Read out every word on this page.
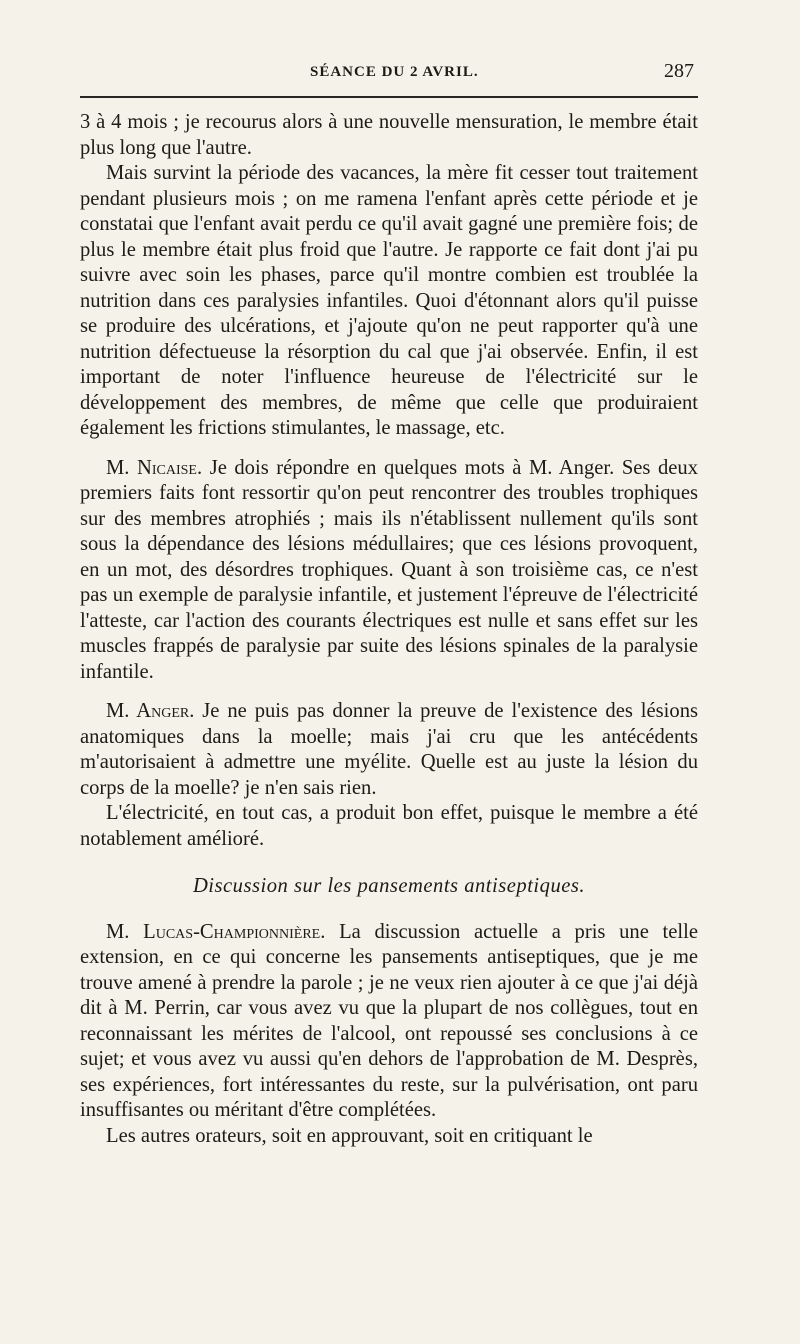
SÉANCE DU 2 AVRIL.	287

3 à 4 mois ; je recourus alors à une nouvelle mensuration, le membre était plus long que l'autre.

Mais survint la période des vacances, la mère fit cesser tout traitement pendant plusieurs mois ; on me ramena l'enfant après cette période et je constatai que l'enfant avait perdu ce qu'il avait gagné une première fois; de plus le membre était plus froid que l'autre. Je rapporte ce fait dont j'ai pu suivre avec soin les phases, parce qu'il montre combien est troublée la nutrition dans ces paralysies infantiles. Quoi d'étonnant alors qu'il puisse se produire des ulcérations, et j'ajoute qu'on ne peut rapporter qu'à une nutrition défectueuse la résorption du cal que j'ai observée. Enfin, il est important de noter l'influence heureuse de l'électricité sur le développement des membres, de même que celle que produiraient également les frictions stimulantes, le massage, etc.

M. Nicaise. Je dois répondre en quelques mots à M. Anger. Ses deux premiers faits font ressortir qu'on peut rencontrer des troubles trophiques sur des membres atrophiés ; mais ils n'établissent nullement qu'ils sont sous la dépendance des lésions médullaires; que ces lésions provoquent, en un mot, des désordres trophiques. Quant à son troisième cas, ce n'est pas un exemple de paralysie infantile, et justement l'épreuve de l'électricité l'atteste, car l'action des courants électriques est nulle et sans effet sur les muscles frappés de paralysie par suite des lésions spinales de la paralysie infantile.

M. Anger. Je ne puis pas donner la preuve de l'existence des lésions anatomiques dans la moelle; mais j'ai cru que les antécédents m'autorisaient à admettre une myélite. Quelle est au juste la lésion du corps de la moelle? je n'en sais rien.

L'électricité, en tout cas, a produit bon effet, puisque le membre a été notablement amélioré.

Discussion sur les pansements antiseptiques.

M. Lucas-Championnière. La discussion actuelle a pris une telle extension, en ce qui concerne les pansements antiseptiques, que je me trouve amené à prendre la parole ; je ne veux rien ajouter à ce que j'ai déjà dit à M. Perrin, car vous avez vu que la plupart de nos collègues, tout en reconnaissant les mérites de l'alcool, ont repoussé ses conclusions à ce sujet; et vous avez vu aussi qu'en dehors de l'approbation de M. Desprès, ses expériences, fort intéressantes du reste, sur la pulvérisation, ont paru insuffisantes ou méritant d'être complétées.

Les autres orateurs, soit en approuvant, soit en critiquant le
